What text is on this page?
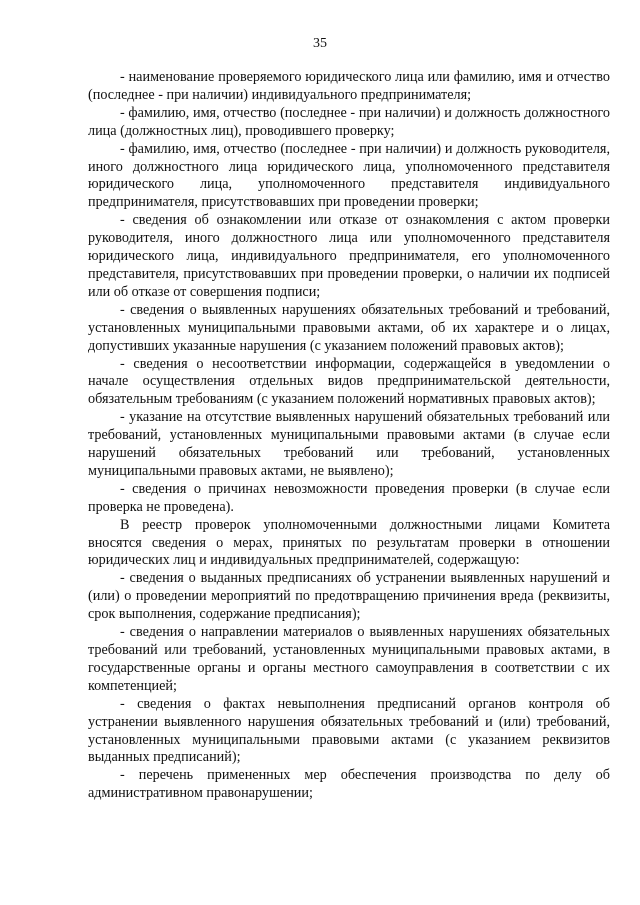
35

- наименование проверяемого юридического лица или фамилию, имя и отчество (последнее - при наличии) индивидуального предпринимателя;

- фамилию, имя, отчество (последнее - при наличии) и должность должностного лица (должностных лиц), проводившего проверку;

- фамилию, имя, отчество (последнее - при наличии) и должность руководителя, иного должностного лица юридического лица, уполномоченного представителя юридического лица, уполномоченного представителя индивидуального предпринимателя, присутствовавших при проведении проверки;

- сведения об ознакомлении или отказе от ознакомления с актом проверки руководителя, иного должностного лица или уполномоченного представителя юридического лица, индивидуального предпринимателя, его уполномоченного представителя, присутствовавших при проведении проверки, о наличии их подписей или об отказе от совершения подписи;

- сведения о выявленных нарушениях обязательных требований и требований, установленных муниципальными правовыми актами, об их характере и о лицах, допустивших указанные нарушения (с указанием положений правовых актов);

- сведения о несоответствии информации, содержащейся в уведомлении о начале осуществления отдельных видов предпринимательской деятельности, обязательным требованиям (с указанием положений нормативных правовых актов);

- указание на отсутствие выявленных нарушений обязательных требований или требований, установленных муниципальными правовыми актами (в случае если нарушений обязательных требований или требований, установленных муниципальными правовых актами, не выявлено);

- сведения о причинах невозможности проведения проверки (в случае если проверка не проведена).

В реестр проверок уполномоченными должностными лицами Комитета вносятся сведения о мерах, принятых по результатам проверки в отношении юридических лиц и индивидуальных предпринимателей, содержащую:

- сведения о выданных предписаниях об устранении выявленных нарушений и (или) о проведении мероприятий по предотвращению причинения вреда (реквизиты, срок выполнения, содержание предписания);

- сведения о направлении материалов о выявленных нарушениях обязательных требований или требований, установленных муниципальными правовых актами, в государственные органы и органы местного самоуправления в соответствии с их компетенцией;

- сведения о фактах невыполнения предписаний органов контроля об устранении выявленного нарушения обязательных требований и (или) требований, установленных муниципальными правовыми актами (с указанием реквизитов выданных предписаний);

- перечень примененных мер обеспечения производства по делу об административном правонарушении;
